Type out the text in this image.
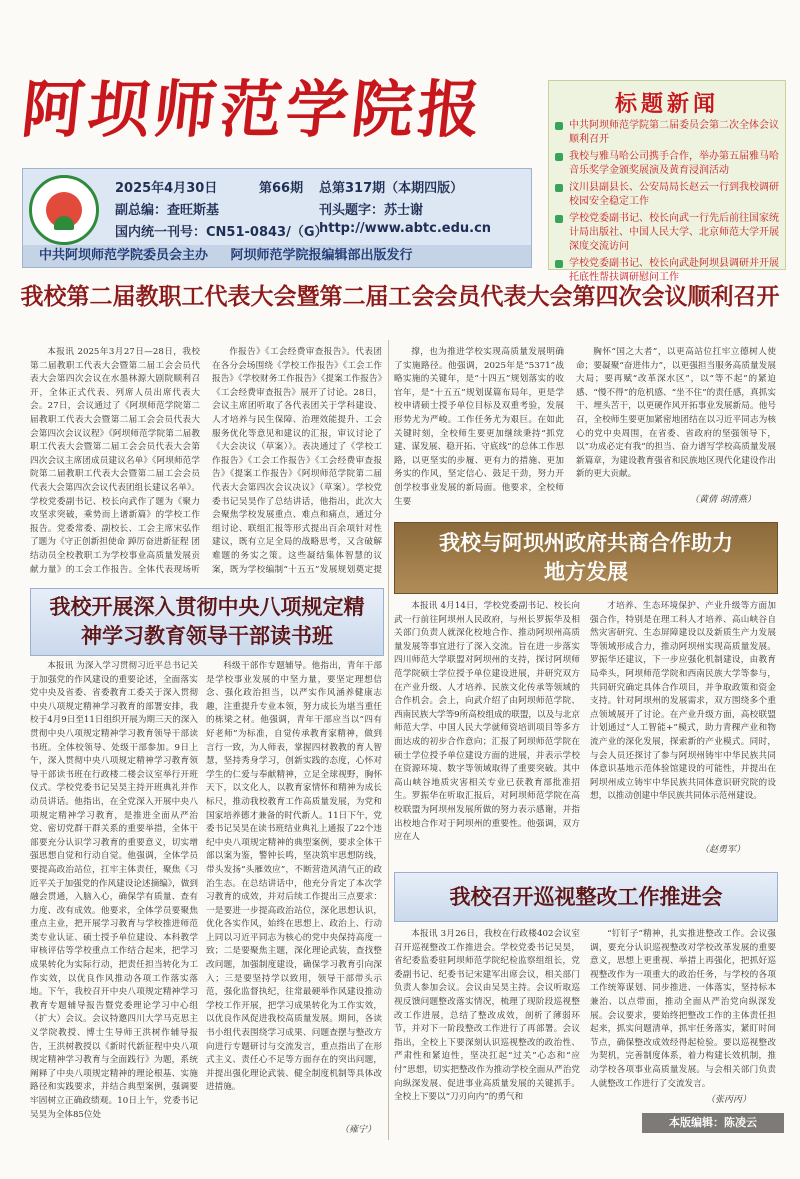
阿坝师范学院报
2025年4月30日	第66期 总第317期（本期四版）
副总编：查旺斯基	刊头题字：苏士谢
国内统一刊号：CN51-0843/（G）
http://www.abtc.edu.cn
中共阿坝师范学院委员会主办 阿坝师范学院报编辑部出版发行
标题新闻
中共阿坝师范学院第二届委员会第二次全体会议顺利召开
我校与雅马哈公司携手合作，举办第五届雅马哈音乐奖学金颁奖展演及黄育浸润活动
汶川县副县长、公安局局长赵云一行到我校调研校园安全稳定工作
学校党委副书记、校长向武一行先后前往国家统计局出版社、中国人民大学、北京师范大学开展深度交流访问
学校党委副书记、校长向武赴阿坝县调研并开展托底性帮扶调研慰问工作
我校第二届教职工代表大会暨第二届工会会员代表大会第四次会议顺利召开

本报讯 2025年3月27日—28日，我校第二届教职工代表大会暨第二届工会会员代表大会第四次会议在水墨林源大剧院顺利召开，全体正式代表、列席人员出席代表大会。27日，会议通过了《阿坝师范学院第二届教职工代表大会暨第二届工会会员代表大会第四次会议议程》《阿坝师范学院第二届教职工代表大会暨第二届工会会员代表大会第四次会议主席团成员建议名单》《阿坝师范学院第二届教职工代表大会暨第二届工会会员代表大会第四次会议代表团组长建议名单》。学校党委副书记、校长向武作了题为《聚力攻坚求突破，乘势而上谱新篇》的学校工作报告。党委常委、副校长、工会主席宋弘作了题为《守正创新担使命 踔厉奋进新征程 团结动员全校教职工为学校事业高质量发展贡献力量》的工会工作报告。全体代表现场听

作报告》《工会经费审查报告》。代表团在各分会场围绕《学校工作报告》《工会工作报告》《学校财务工作报告》《提案工作报告》《工会经费审查报告》展开了讨论。28日，会议主席团听取了各代表团关于学科建设、人才培养与民生保障、治理效能提升、工会服务优化等意见和建议的汇报，审议讨论了《大会决议（草案）》。表决通过了《学校工作报告》《工会工作报告》《工会经费审查报告》《提案工作报告》《阿坝师范学院第二届代表大会第四次会议决议》（草案）。学校党委书记吴昊作了总结讲话，他指出，此次大会聚焦学校发展重点、难点和痛点，通过分组讨论、联组汇报等形式提出百余项针对性建议，既有立足全局的战略思考，又含破解难题的务实之策。这些凝结集体智慧的议案，既为学校编制“十五五”发展规划奠定提

撑，也为推进学校实现高质量发展明确了实施路径。他强调，2025年是“5371”战略实施的关键年，是“十四五”规划落实的收官年，是“十五五”规划谋篇布局年，更是学校申请硕士授予单位目标及双重考验，发展形势尤为严峻。工作任务尤为艰巨。在如此关键时刻，全校师生要更加继续秉持“抓党建、谋发展、稳开拓、守底线”的总体工作思路，以更坚实的步履、更有力的措施、更加务实的作风，坚定信心、鼓足干劲，努力开创学校事业发展的新局面。他要求，全校师生要

胸怀“国之大者”，以更高站位扛牢立德树人使命；要凝聚“奋进伟力”，以更强担当服务高质量发展大局；要再赋“改革深水区”，以“等不起”的紧迫感、“慢不得”的危机感、“坐不住”的责任感，真抓实干、埋头苦干，以更硬作风开拓事业发展新局。他号召，全校师生要更加紧密地团结在以习近平同志为核心的党中央周围，在省委、省政府的坚强领导下，以“功成必定有我”的担当、奋力谱写学校高质量发展新篇章，为建设教育强省和民族地区现代化建设作出新的更大贡献。

（黄倩 胡清燕）
我校与阿坝州政府共商合作助力地方发展
我校开展深入贯彻中央八项规定精神学习教育领导干部读书班

本报讯 4月14日，学校党委副书记、校长向武一行前往阿坝州人民政府，与州长罗振华及相关部门负责人就深化校地合作、推动阿坝州高质量发展等事宜进行了深入交流。旨在进一步落实四川师范大学联盟对阿坝州的支持，探讨阿坝师范学院硕士学位授予单位建设进展，并研究双方在产业升级、人才培养、民族文化传承等领域的合作机会。会上，向武介绍了由阿坝师范学院、西南民族大学等9所高校组成的联盟，以及与北京师范大学、中国人民大学就师资培训项目等多方面达成的初步合作意向；汇报了阿坝师范学院在硕士学位授予单位建设方面的进展，并表示学校在资源环境、数字等领域取得了重要突破。其中高山峡谷地质灾害相关专业已获教育部批准招生。罗振华在听取汇报后，对阿坝师范学院在高校联盟为阿坝州发展所做的努力表示感谢，并指出校地合作对于阿坝州的重要性。他强调，双方应在人

才培养、生态环境保护、产业升级等方面加强合作，特别是在理工科人才培养、高山峡谷自然灾害研究、生态屏障建设以及新质生产力发展等领域形成合力，推动阿坝州实现高质量发展。罗振华还建议，下一步应强化机制建设，由教育局牵头，阿坝师范学院和西南民族大学等参与，共同研究确定具体合作项目，并争取政策和资金支持。针对阿坝州的发展需求，双方围绕多个重点领域展开了讨论。在产业升级方面，高校联盟计划通过“人工智能+”模式，助力青稞产业和物流产业的深化发展，探索新的产业模式。同时，与会人员还探讨了参与阿坝州铸牢中华民族共同体意识基地示范体验馆建设的可能性，并提出在阿坝州成立铸牢中华民族共同体意识研究院的设想，以推动创建中华民族共同体示范州建设。

（赵勇军）

本报讯 为深入学习贯彻习近平总书记关于加强党的作风建设的重要论述，全面落实党中央及省委、省委教育工委关于深入贯彻中央八项规定精神学习教育的部署安排，我校于4月9日至11日组织开展为期三天的深入贯彻中央八项规定精神学习教育领导干部读书班。全体校领导、处级干部参加。9日上午，深入贯彻中央八项规定精神学习教育领导干部读书班在行政楼二楼会议室举行开班仪式。学校党委书记吴昊主持开班典礼并作动员讲话。他指出，在全党深入开展中央八项规定精神学习教育，是推进全面从严治党、密切党群干群关系的重要举措，全体干部要充分认识学习教育的重要意义，切实增强思想自觉和行动自觉。他强调，全体学员要提高政治站位，扛牢主体责任，聚焦《习近平关于加强党的作风建设论述摘编》，做到融会贯通，入脑入心，确保学有质量、查有力度、改有成效。他要求，全体学员要聚焦重点主业，把开展学习教育与学校推进师范类专业认证、硕士授予单位建设、本科教学审核评估等学校重点工作结合起来，把学习成果转化为实际行动，把责任担当转化为工作实效，以优良作风推动各项工作落实落地。下午，我校召开中央八项规定精神学习教育专题辅导报告暨党委理论学习中心组（扩大）会议。会议特邀四川大学马克思主义学院教授、博士生导师王洪树作辅导报告，王洪树教授以《新时代新征程中央八项规定精神学习教育与全面践行》为题，系统阐释了中央八项规定精神的理论根基、实施路径和实践要求，并结合典型案例，强调要牢固树立正确政绩观。10日上午，党委书记吴昊为全体85位处

科级干部作专题辅导。他指出，青年干部是学校事业发展的中坚力量，要坚定理想信念、强化政治担当，以严实作风涵养健康志趣，注重提升专业本领，努力成长为堪当重任的栋梁之材。他强调，青年干部应当以“四有好老师”为标准，自觉传承教育家精神，做到言行一致，为人师表，掌握四材教教的育人智慧，坚持秀身学习，创新实践的态度，心怀对学生的仁爱与奉献精神，立足全球视野，胸怀天下，以文化人，以教育家情怀和精神为成长标尺，推动我校教育工作高质量发展，为党和国家培养德才兼备的时代新人。11日下午，党委书记吴昊在读书班结业典礼上通报了22个违纪中央八项规定精神的典型案例，要求全体干部以案为鉴，警钟长鸣，坚决筑牢思想防线，带头发扬“头雁效应”，不断营造风清气正的政治生态。在总结讲话中，他充分肯定了本次学习教育的成效，并对后续工作提出三点要求：一是要进一步提高政治站位，深化思想认识，优化各实作风，始终在思想上、政治上、行动上同以习近平同志为核心的党中央保持高度一致；二是要聚焦主题，深化理论武装，查找整改问题，加强制度建设，确保学习教育引向深入；三是要坚持学以致用，领导干部带头示范，强化监督执纪，往常最硬举作风建设推动学校工作开展，把学习成果转化为工作实效，以优良作风促进我校高质量发展。期间，各读书小组代表围绕学习成果、问题查摆与整改方向进行专题研讨与交流发言，重点指出了在形式主义、责任心不足等方面存在的突出问题，并提出强化理论武装、健全制度机制等具体改进措施。

（雍宁）
我校召开巡视整改工作推进会

本报讯 3月26日，我校在行政楼402会议室召开巡视整改工作推进会。学校党委书记吴昊，省纪委监委驻阿坝师范学院纪检监察组组长，党委副书记、纪委书记宋建军出席会议，相关部门负责人参加会议。会议由吴昊主持。会议听取巡视反馈问题整改落实情况，梳理了现阶段巡视整改工作进展，总结了整改成效，剖析了薄弱环节，并对下一阶段整改工作进行了再部署。会议指出，全校上下要深刻认识巡视整改的政治性、严肃性和紧迫性，坚决扛起“过关”心态和“应付”思想，切实把整改作为推动学校全面从严治党向纵深发展、促进事业高质量发展的关键抓手。全校上下要以“刀刃向内”的勇气和

“钉钉子”精神，扎实推进整改工作。会议强调，要充分认识巡视整改对学校改革发展的重要意义，思想上更重视、举措上再强化，把抓好巡视整改作为一项重大的政治任务，与学校的各项工作统筹谋划、同步推进、一体落实，坚持标本兼治、以点带面，推动全面从严治党向纵深发展。会议要求，要始终把整改工作的主体责任担起来，抓实问题清单，抓牢任务落实，紧盯时间节点，确保整改成效经得起检验。要以巡视整改为契机，完善制度体系，着力构建长效机制，推动学校各项事业高质量发展。与会相关部门负责人就整改工作进行了交流发言。

（张丙丙）
本版编辑：陈凌云
